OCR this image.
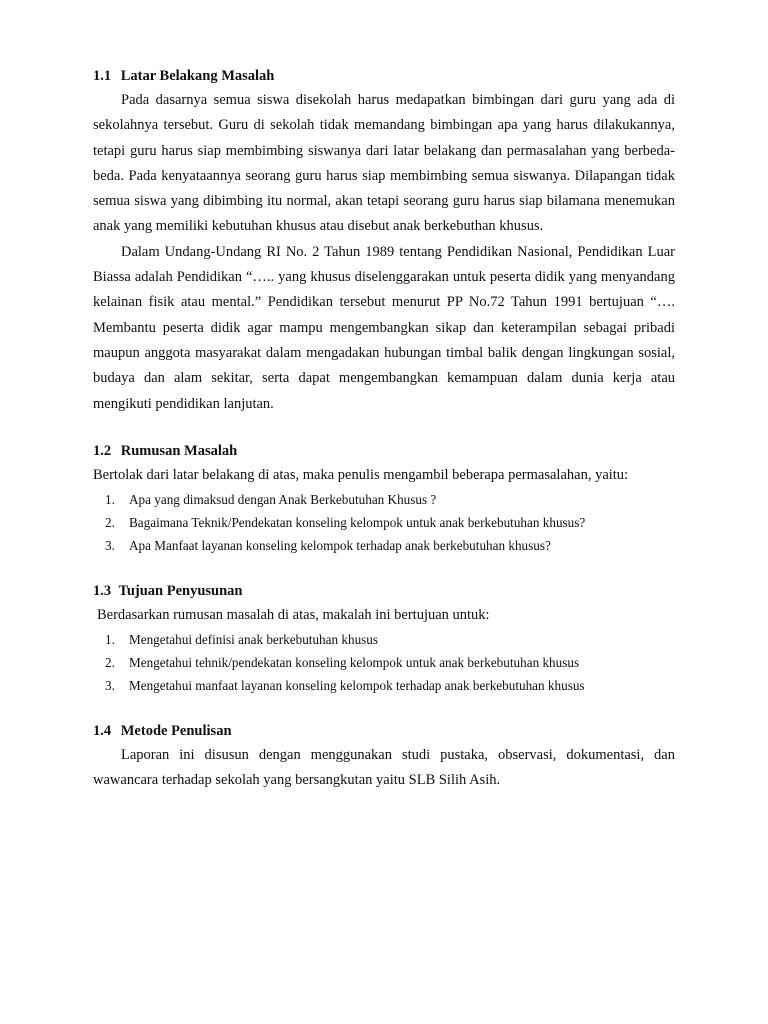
1.1 Latar Belakang Masalah

Pada dasarnya semua siswa disekolah harus medapatkan bimbingan dari guru yang ada di sekolahnya tersebut. Guru di sekolah tidak memandang bimbingan apa yang harus dilakukannya, tetapi guru harus siap membimbing siswanya dari latar belakang dan permasalahan yang berbeda-beda. Pada kenyataannya seorang guru harus siap membimbing semua siswanya. Dilapangan tidak semua siswa yang dibimbing itu normal, akan tetapi seorang guru harus siap bilamana menemukan anak yang memiliki kebutuhan khusus atau disebut anak berkebuthan khusus.

Dalam Undang-Undang RI No. 2 Tahun 1989 tentang Pendidikan Nasional, Pendidikan Luar Biassa adalah Pendidikan “….. yang khusus diselenggarakan untuk peserta didik yang menyandang kelainan fisik atau mental.” Pendidikan tersebut menurut PP No.72 Tahun 1991 bertujuan “…. Membantu peserta didik agar mampu mengembangkan sikap dan keterampilan sebagai pribadi maupun anggota masyarakat dalam mengadakan hubungan timbal balik dengan lingkungan sosial, budaya dan alam sekitar, serta dapat mengembangkan kemampuan dalam dunia kerja atau mengikuti pendidikan lanjutan.

1.2 Rumusan Masalah

Bertolak dari latar belakang di atas, maka penulis mengambil beberapa permasalahan, yaitu:

1. Apa yang dimaksud dengan Anak Berkebutuhan Khusus ?
2. Bagaimana Teknik/Pendekatan konseling kelompok untuk anak berkebutuhan khusus?
3. Apa Manfaat layanan konseling kelompok terhadap anak berkebutuhan khusus?
1.3 Tujuan Penyusunan

Berdasarkan rumusan masalah di atas, makalah ini bertujuan untuk:

1. Mengetahui definisi anak berkebutuhan khusus
2. Mengetahui tehnik/pendekatan konseling kelompok untuk anak berkebutuhan khusus
3. Mengetahui manfaat layanan konseling kelompok terhadap anak berkebutuhan khusus
1.4 Metode Penulisan

Laporan ini disusun dengan menggunakan studi pustaka, observasi, dokumentasi, dan wawancara terhadap sekolah yang bersangkutan yaitu SLB Silih Asih.
